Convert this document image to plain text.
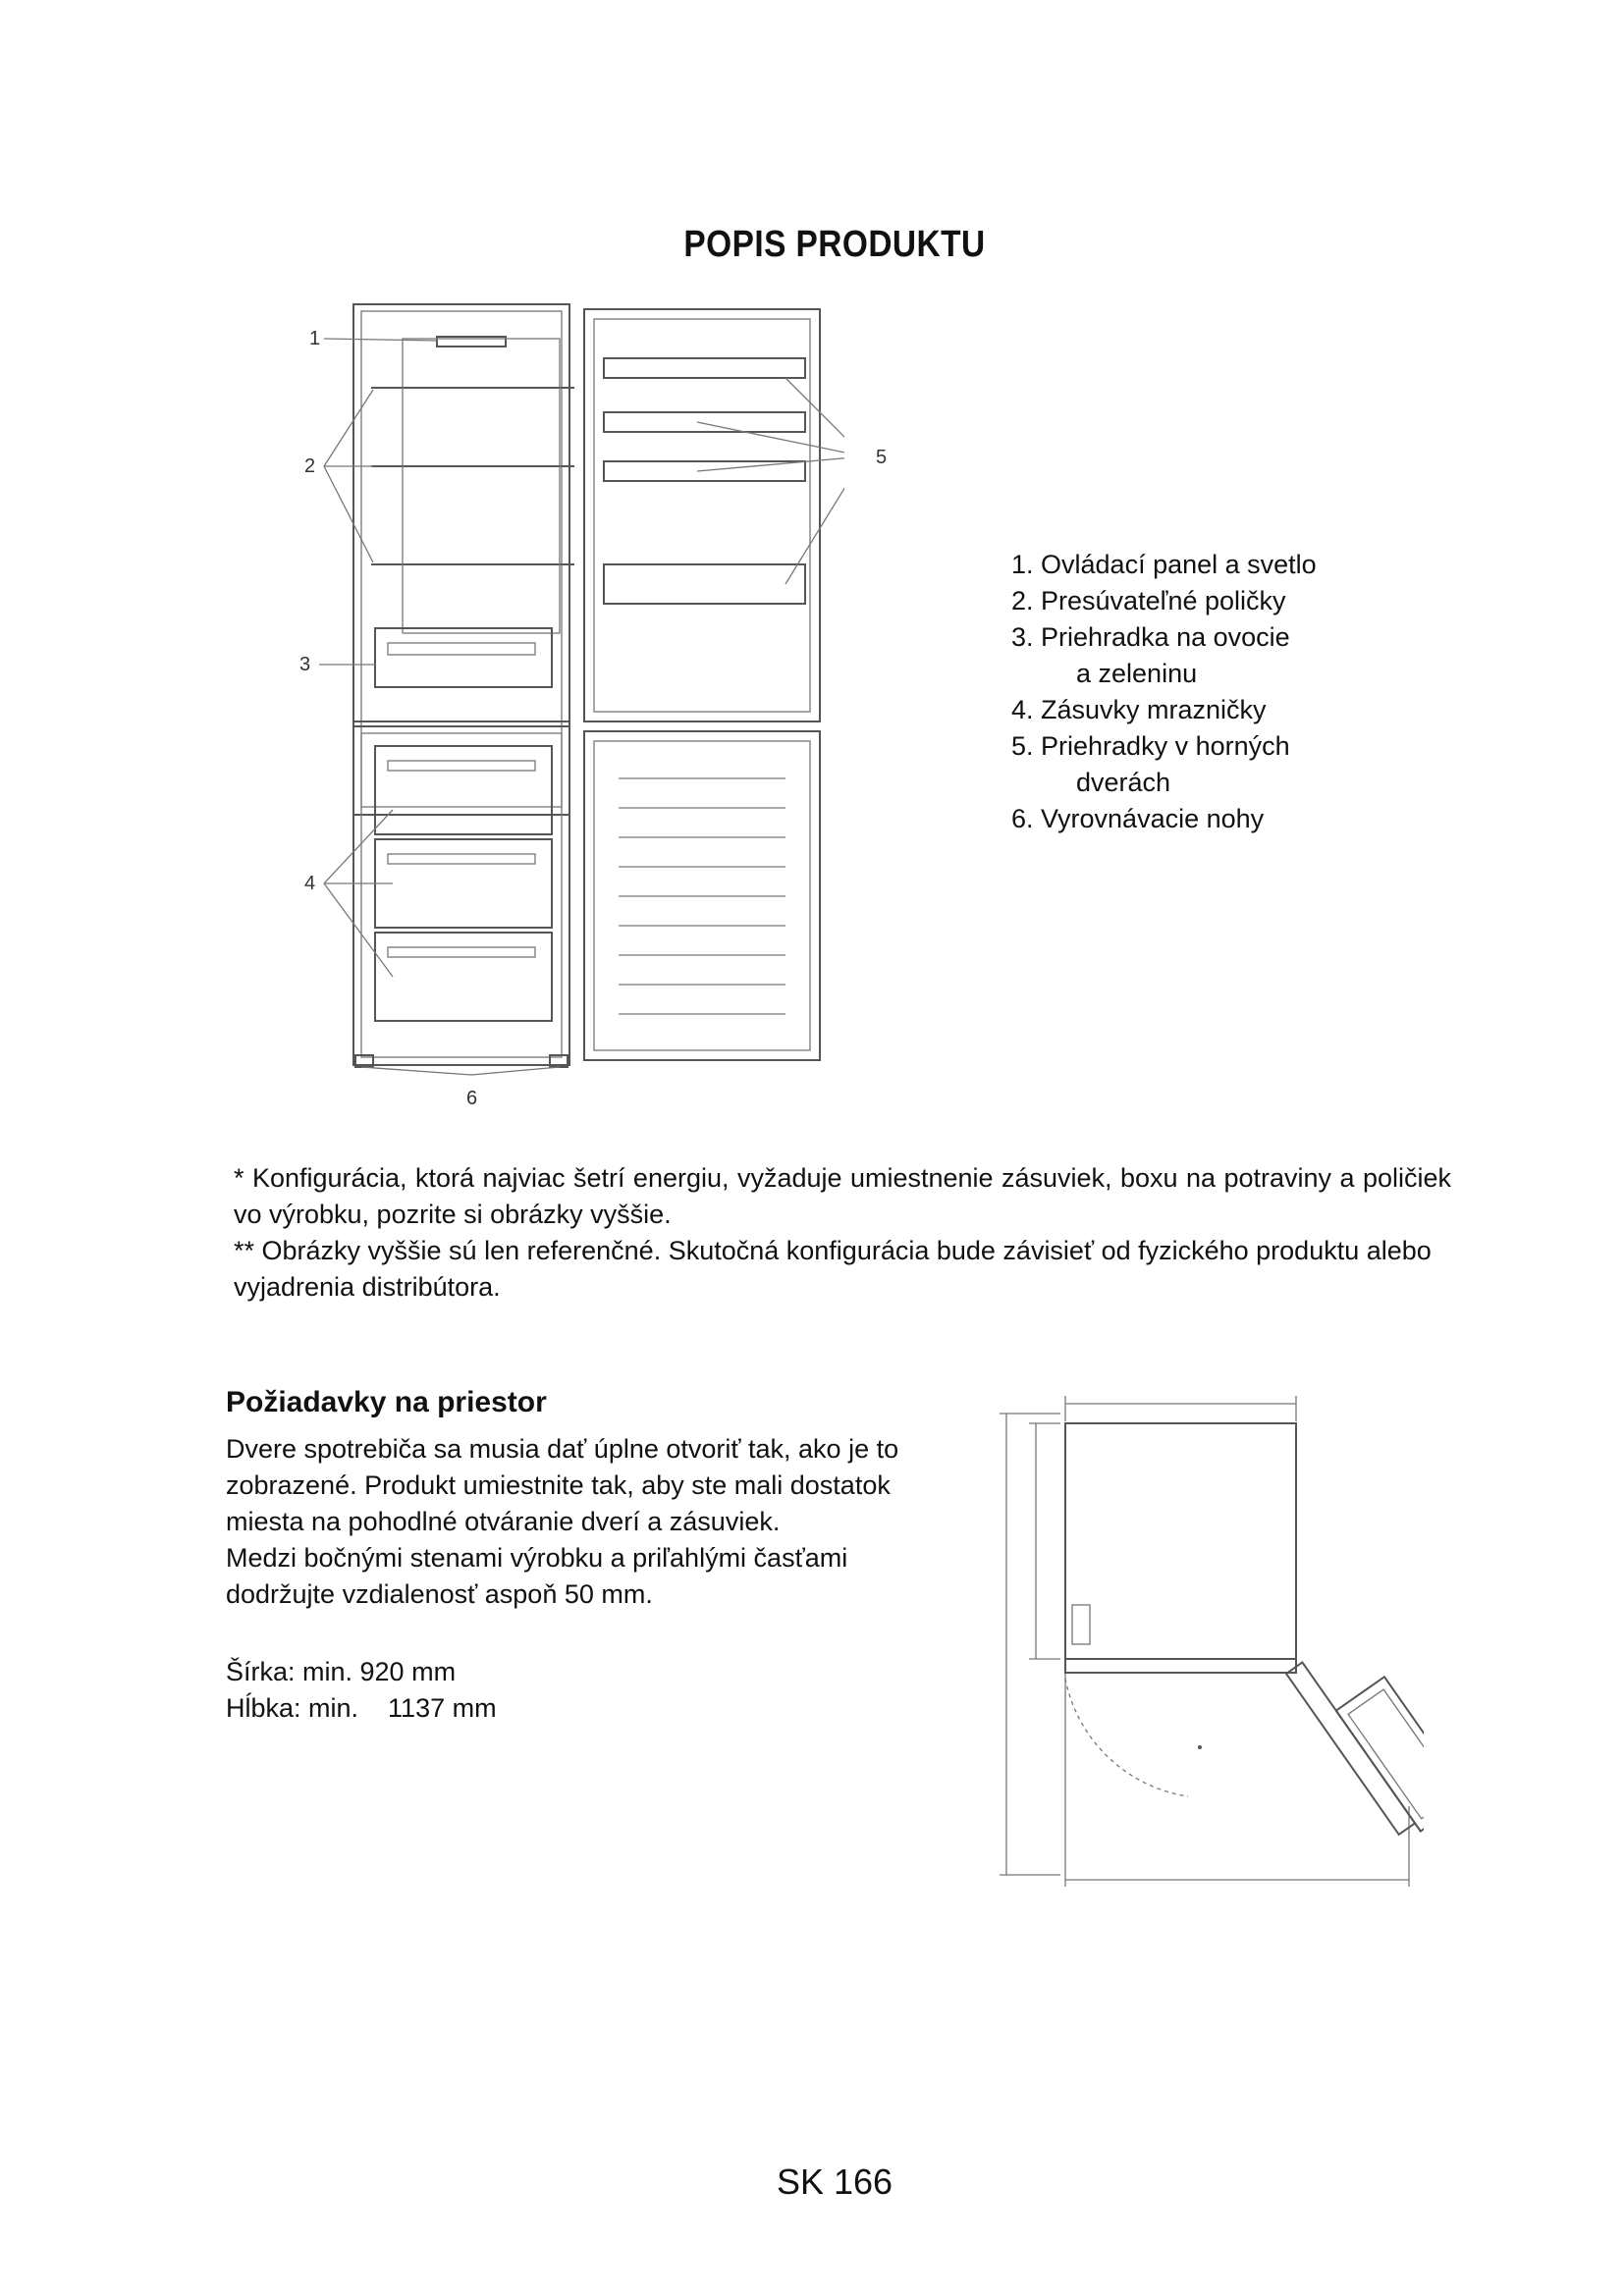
POPIS PRODUKTU
1
2
3
4
6
5
1. Ovládací panel a svetlo
2. Presúvateľné poličky
3. Priehradka na ovocie
a zeleninu
4. Zásuvky mrazničky
5. Priehradky v horných
dverách
6. Vyrovnávacie nohy

* Konfigurácia, ktorá najviac šetrí energiu, vyžaduje umiestnenie zásuviek, boxu na potraviny a poličiek vo výrobku, pozrite si obrázky vyššie.

** Obrázky vyššie sú len referenčné. Skutočná konfigurácia bude závisieť od fyzického produktu alebo vyjadrenia distribútora.

Požiadavky na priestor

Dvere spotrebiča sa musia dať úplne otvoriť tak, ako je to zobrazené. Produkt umiestnite tak, aby ste mali dostatok miesta na pohodlné otváranie dverí a zásuviek.

Medzi bočnými stenami výrobku a priľahlými časťami dodržujte vzdialenosť aspoň 50 mm.

Šírka: min. 920 mm
Hĺbka: min.    1137 mm
SK 166
